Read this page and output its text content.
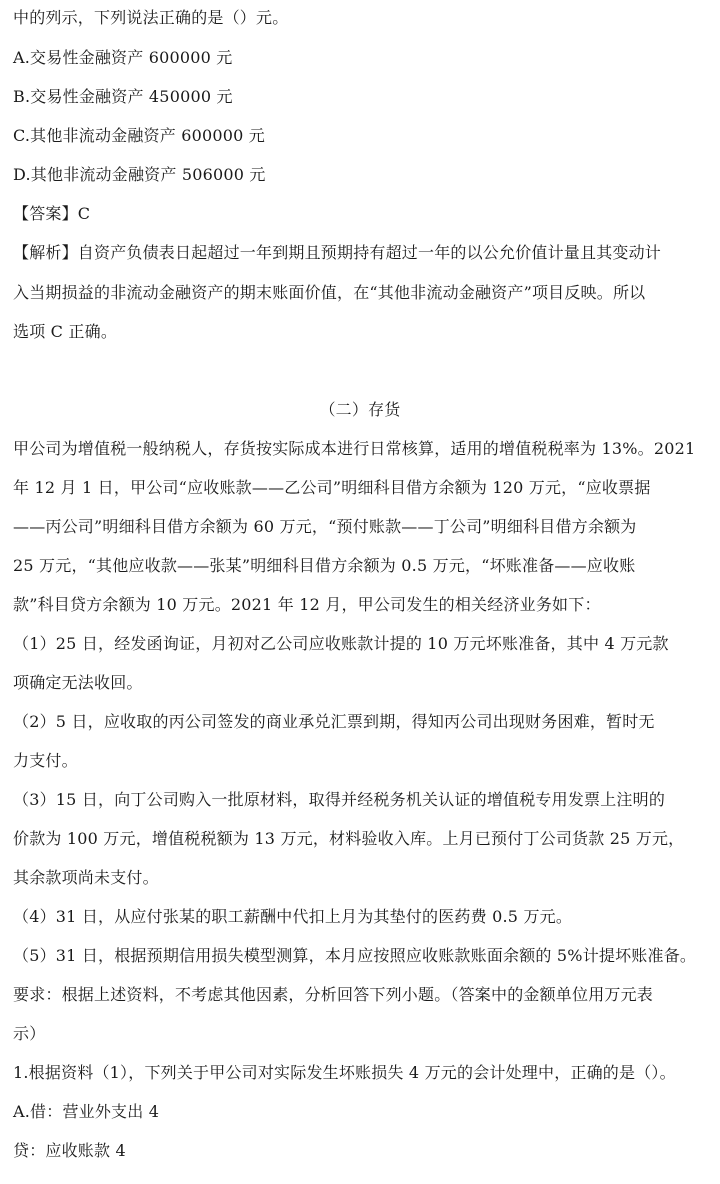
中的列示，下列说法正确的是（）元。
A.交易性金融资产 600000 元
B.交易性金融资产 450000 元
C.其他非流动金融资产 600000 元
D.其他非流动金融资产 506000 元
【答案】C
【解析】自资产负债表日起超过一年到期且预期持有超过一年的以公允价值计量且其变动计
入当期损益的非流动金融资产的期末账面价值，在“其他非流动金融资产”项目反映。所以
选项 C 正确。
（二）存货
甲公司为增值税一般纳税人，存货按实际成本进行日常核算，适用的增值税税率为 13%。2021
年 12 月 1 日，甲公司“应收账款——乙公司”明细科目借方余额为 120 万元，“应收票据
——丙公司”明细科目借方余额为 60 万元，“预付账款——丁公司”明细科目借方余额为
25 万元，“其他应收款——张某”明细科目借方余额为 0.5 万元，“坏账准备——应收账
款”科目贷方余额为 10 万元。2021 年 12 月，甲公司发生的相关经济业务如下：
（1）25 日，经发函询证，月初对乙公司应收账款计提的 10 万元坏账准备，其中 4 万元款
项确定无法收回。
（2）5 日，应收取的丙公司签发的商业承兑汇票到期，得知丙公司出现财务困难，暂时无
力支付。
（3）15 日，向丁公司购入一批原材料，取得并经税务机关认证的增值税专用发票上注明的
价款为 100 万元，增值税税额为 13 万元，材料验收入库。上月已预付丁公司货款 25 万元，
其余款项尚未支付。
（4）31 日，从应付张某的职工薪酬中代扣上月为其垫付的医药费 0.5 万元。
（5）31 日，根据预期信用损失模型测算，本月应按照应收账款账面余额的 5%计提坏账准备。
要求：根据上述资料，不考虑其他因素，分析回答下列小题。（答案中的金额单位用万元表
示）
1.根据资料（1），下列关于甲公司对实际发生坏账损失 4 万元的会计处理中，正确的是（）。
A.借：营业外支出 4
贷：应收账款 4
